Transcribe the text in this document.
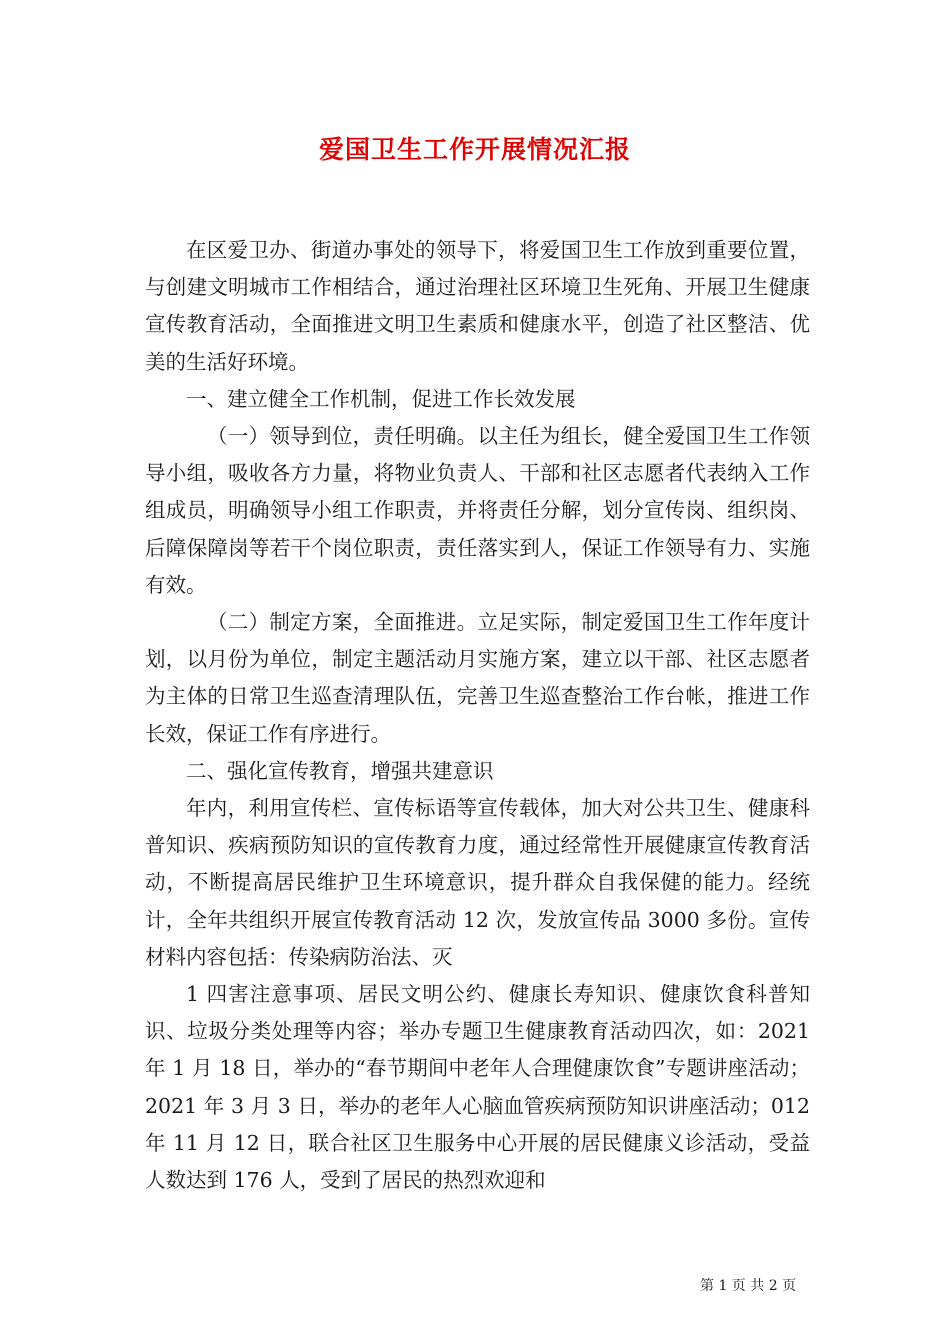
爱国卫生工作开展情况汇报

在区爱卫办、街道办事处的领导下，将爱国卫生工作放到重要位置，与创建文明城市工作相结合，通过治理社区环境卫生死角、开展卫生健康宣传教育活动，全面推进文明卫生素质和健康水平，创造了社区整洁、优美的生活好环境。

一、建立健全工作机制，促进工作长效发展

（一）领导到位，责任明确。以主任为组长，健全爱国卫生工作领导小组，吸收各方力量，将物业负责人、干部和社区志愿者代表纳入工作组成员，明确领导小组工作职责，并将责任分解，划分宣传岗、组织岗、后障保障岗等若干个岗位职责，责任落实到人，保证工作领导有力、实施有效。

（二）制定方案，全面推进。立足实际，制定爱国卫生工作年度计划，以月份为单位，制定主题活动月实施方案，建立以干部、社区志愿者为主体的日常卫生巡查清理队伍，完善卫生巡查整治工作台帐，推进工作长效，保证工作有序进行。

二、强化宣传教育，增强共建意识

年内，利用宣传栏、宣传标语等宣传载体，加大对公共卫生、健康科普知识、疾病预防知识的宣传教育力度，通过经常性开展健康宣传教育活动，不断提高居民维护卫生环境意识，提升群众自我保健的能力。经统计，全年共组织开展宣传教育活动 12 次，发放宣传品 3000 多份。宣传材料内容包括：传染病防治法、灭

1 四害注意事项、居民文明公约、健康长寿知识、健康饮食科普知识、垃圾分类处理等内容；举办专题卫生健康教育活动四次，如：2021 年 1 月 18 日，举办的“春节期间中老年人合理健康饮食”专题讲座活动；2021 年 3 月 3 日，举办的老年人心脑血管疾病预防知识讲座活动；012 年 11 月 12 日，联合社区卫生服务中心开展的居民健康义诊活动，受益人数达到 176 人，受到了居民的热烈欢迎和

第 1 页 共 2 页
